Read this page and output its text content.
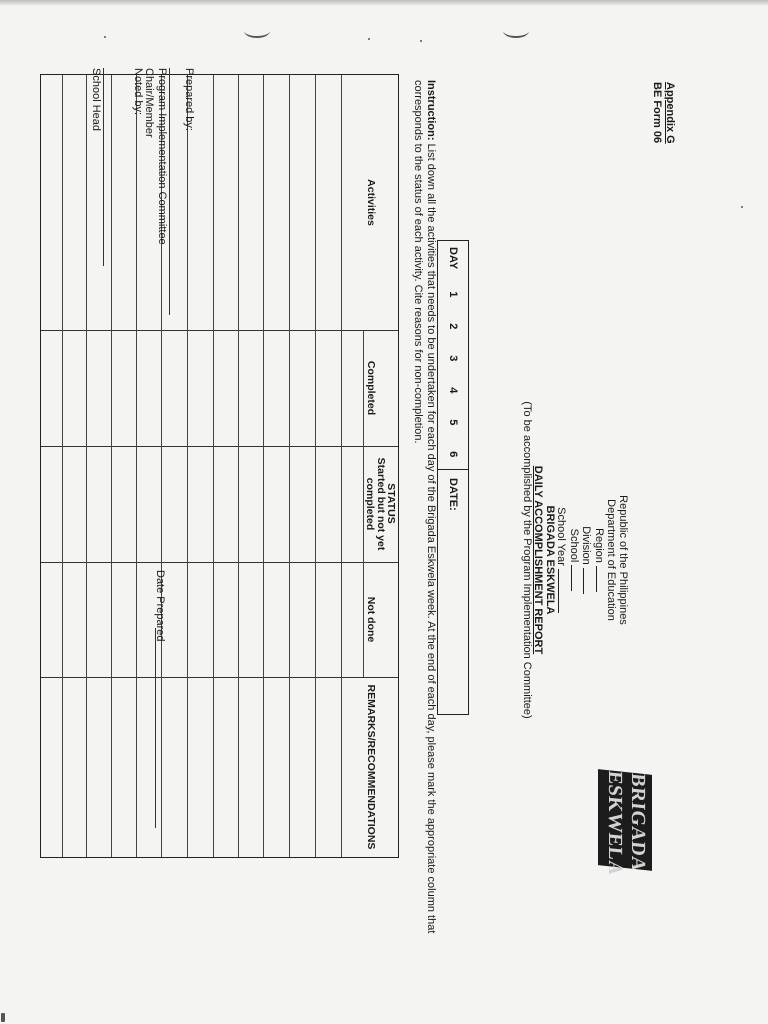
Appendix G
BE Form 06
Republic of the Philippines
Department of Education
Region
Division
School
School Year
BRIGADA ESKWELA
DAILY ACCOMPLISHMENT REPORT
(To be accomplished by the Program Implementation Committee)
DAY
1
2
3
4
5
6
DATE:
Instruction: List down all the activities that needs to be undertaken for each day of the Brigada Eskwela week. At the end of each day, please mark the appropriate column that corresponds to the status of each activity. Cite reasons for non-completion.
Activities
STATUS
Completed
Started but not yet completed
Not done
REMARKS/RECOMMENDATIONS
Prepared by:
Program Implementation Committee Chair/Member
Noted by:
School Head
Date Prepared
BRIGADA
ESKWELA
